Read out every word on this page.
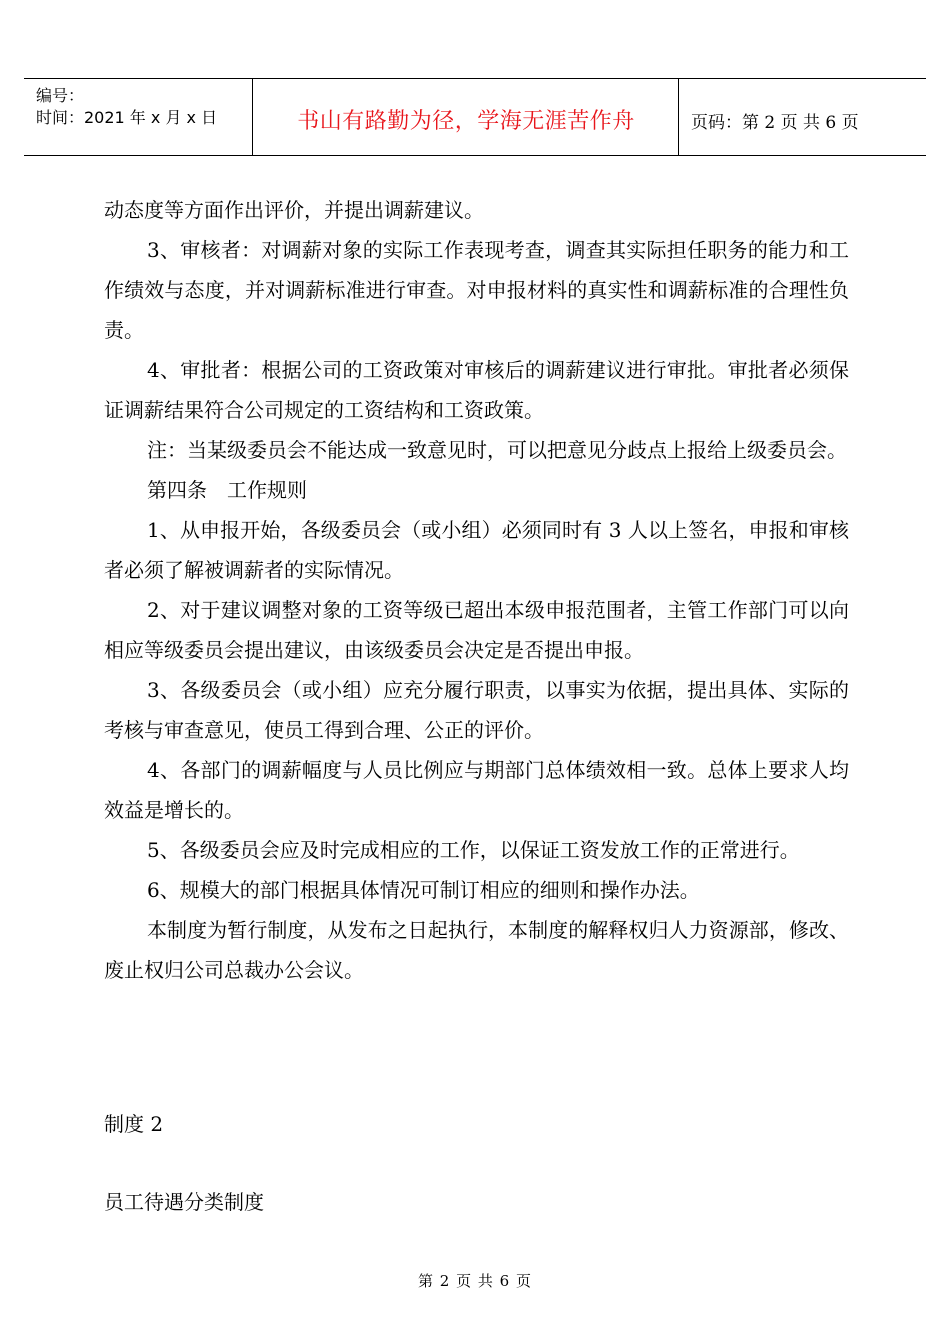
编号：
时间：2021 年 x 月 x 日	书山有路勤为径，学海无涯苦作舟	页码：第 2 页 共 6 页

动态度等方面作出评价，并提出调薪建议。

3、审核者：对调薪对象的实际工作表现考查，调查其实际担任职务的能力和工作绩效与态度，并对调薪标准进行审查。对申报材料的真实性和调薪标准的合理性负责。

4、审批者：根据公司的工资政策对审核后的调薪建议进行审批。审批者必须保证调薪结果符合公司规定的工资结构和工资政策。

注：当某级委员会不能达成一致意见时，可以把意见分歧点上报给上级委员会。

第四条　工作规则

1、从申报开始，各级委员会（或小组）必须同时有 3 人以上签名，申报和审核者必须了解被调薪者的实际情况。

2、对于建议调整对象的工资等级已超出本级申报范围者，主管工作部门可以向相应等级委员会提出建议，由该级委员会决定是否提出申报。

3、各级委员会（或小组）应充分履行职责，以事实为依据，提出具体、实际的考核与审查意见，使员工得到合理、公正的评价。

4、各部门的调薪幅度与人员比例应与期部门总体绩效相一致。总体上要求人均效益是增长的。

5、各级委员会应及时完成相应的工作，以保证工资发放工作的正常进行。

6、规模大的部门根据具体情况可制订相应的细则和操作办法。

本制度为暂行制度，从发布之日起执行，本制度的解释权归人力资源部，修改、废止权归公司总裁办公会议。

制度 2
员工待遇分类制度
第 2 页 共 6 页
